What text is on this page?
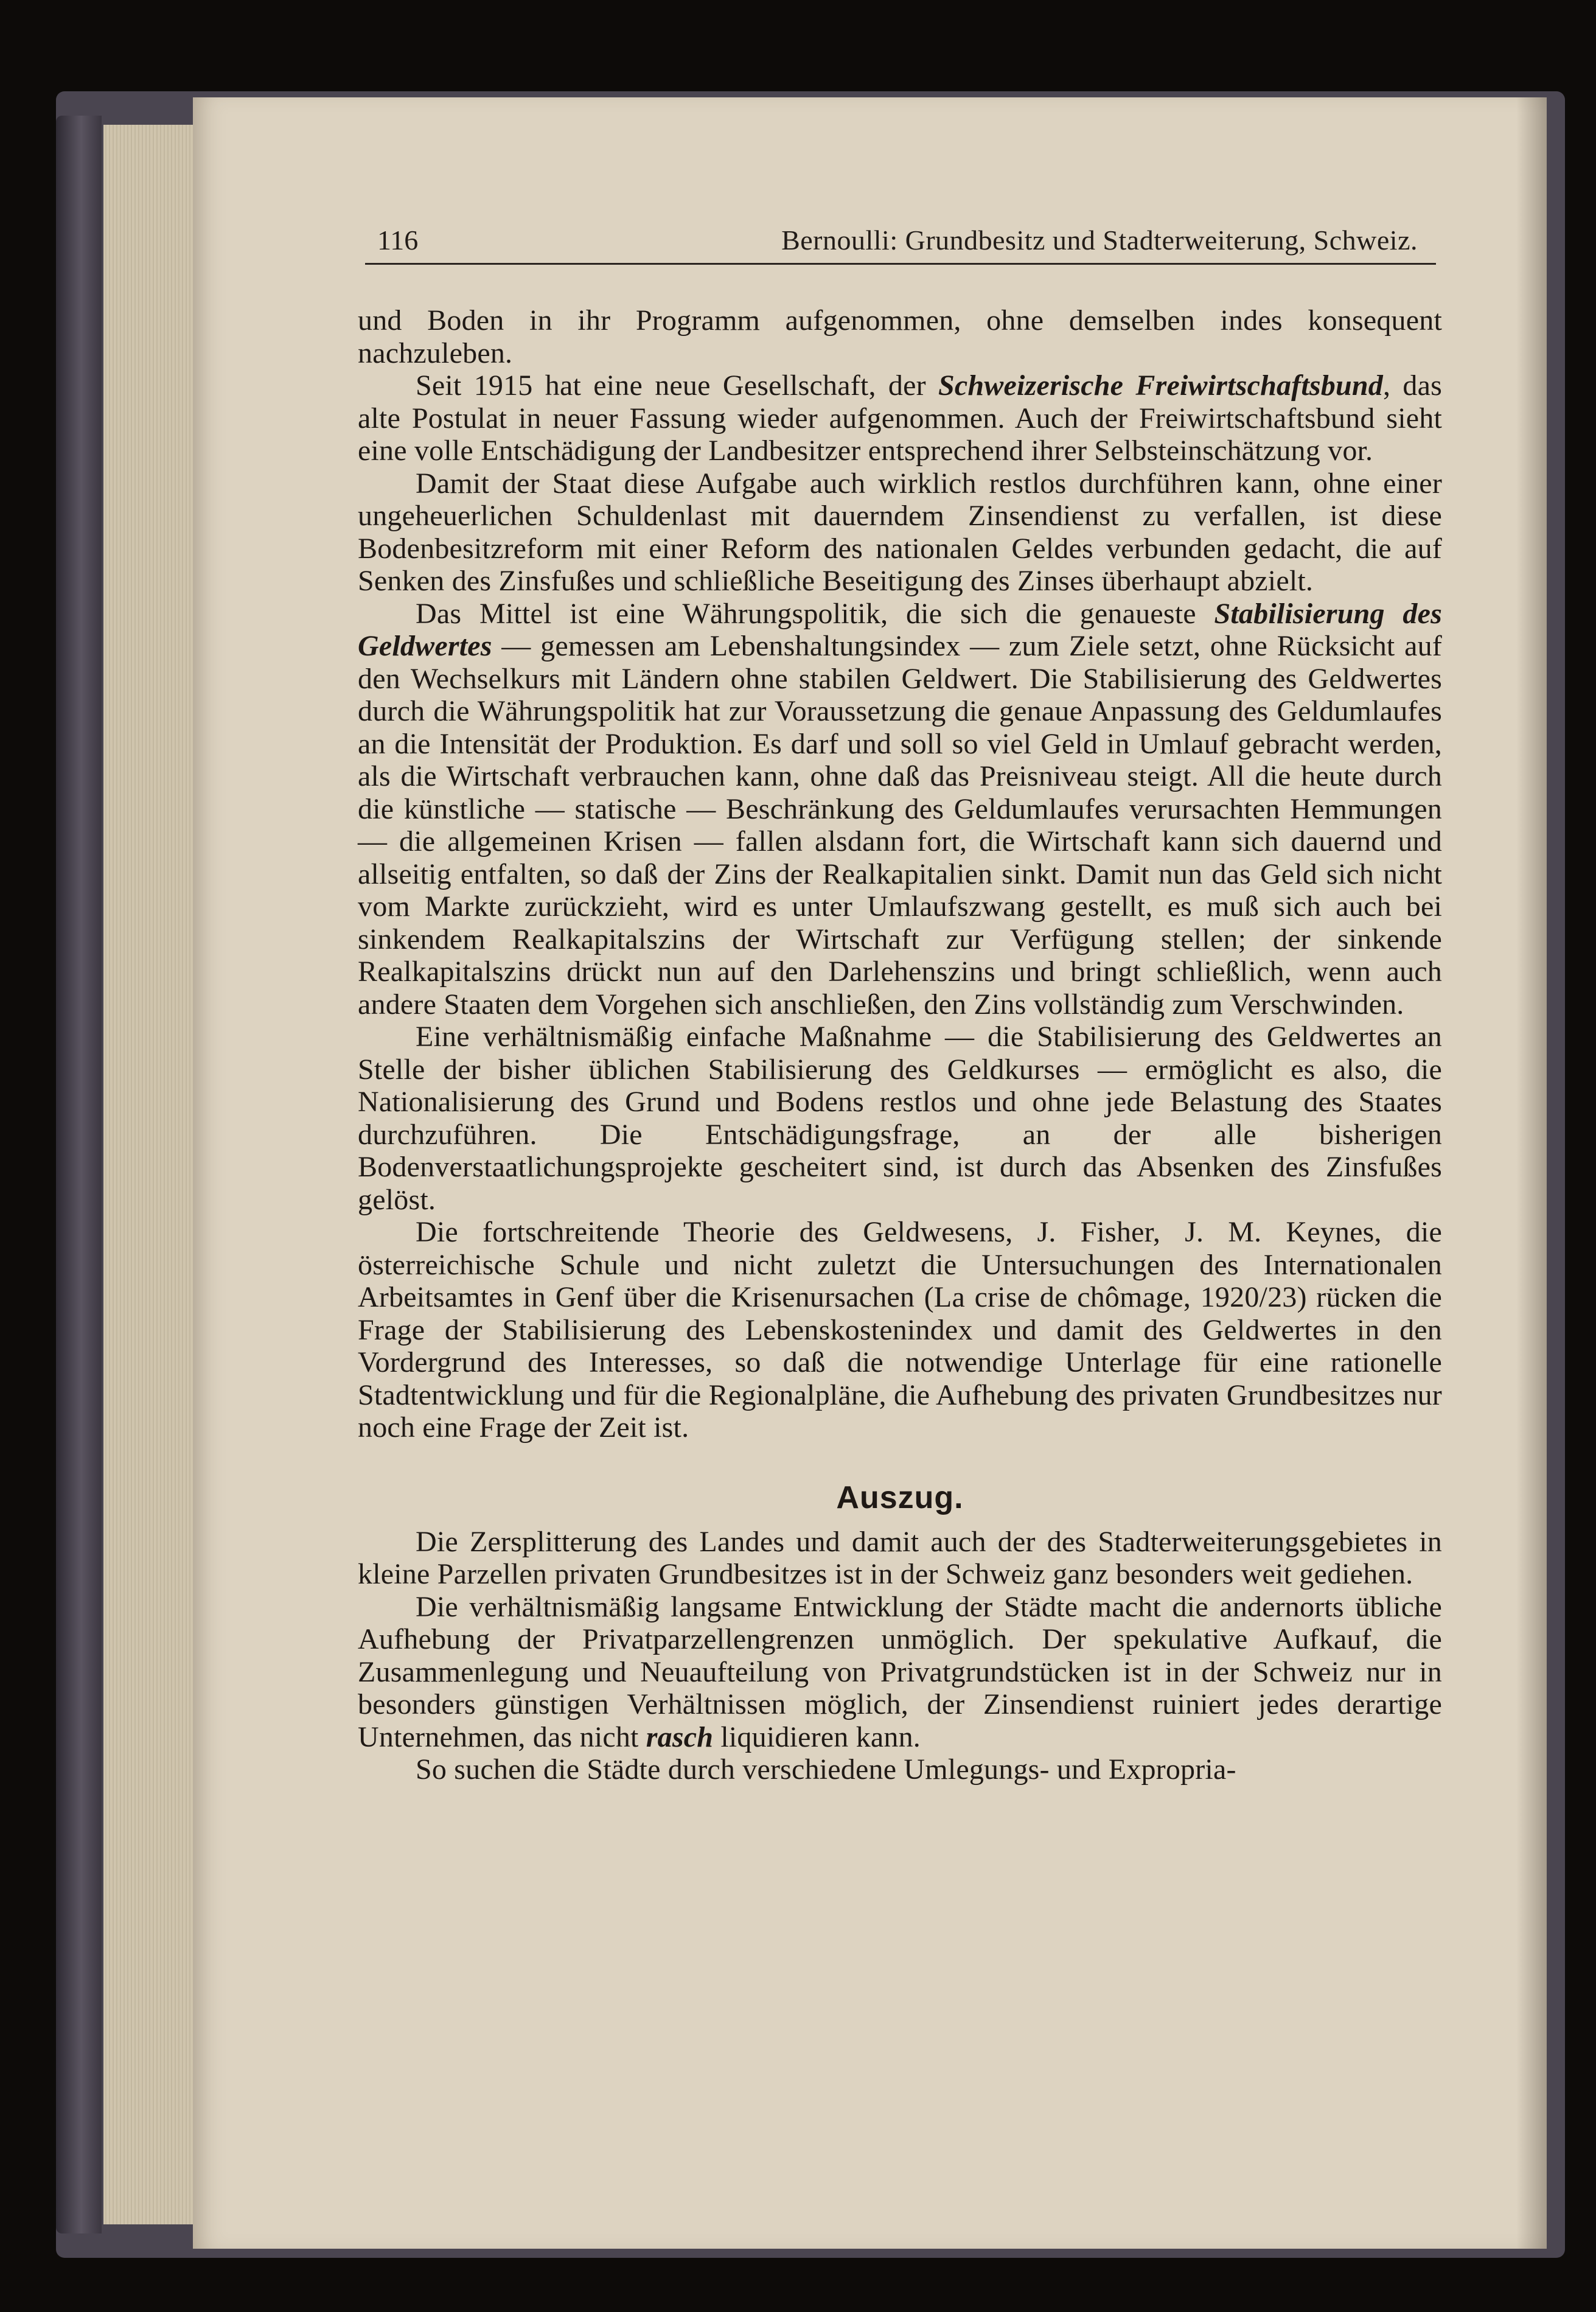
116	Bernoulli: Grundbesitz und Stadterweiterung, Schweiz.

und Boden in ihr Programm aufgenommen, ohne demselben indes konsequent nachzuleben.

Seit 1915 hat eine neue Gesellschaft, der Schweizerische Freiwirtschaftsbund, das alte Postulat in neuer Fassung wieder aufgenommen. Auch der Freiwirtschaftsbund sieht eine volle Entschädigung der Landbesitzer entsprechend ihrer Selbsteinschätzung vor.

Damit der Staat diese Aufgabe auch wirklich restlos durchführen kann, ohne einer ungeheuerlichen Schuldenlast mit dauerndem Zinsendienst zu verfallen, ist diese Bodenbesitzreform mit einer Reform des nationalen Geldes verbunden gedacht, die auf Senken des Zinsfußes und schließliche Beseitigung des Zinses überhaupt abzielt.

Das Mittel ist eine Währungspolitik, die sich die genaueste Stabilisierung des Geldwertes — gemessen am Lebenshaltungsindex — zum Ziele setzt, ohne Rücksicht auf den Wechselkurs mit Ländern ohne stabilen Geldwert. Die Stabilisierung des Geldwertes durch die Währungspolitik hat zur Voraussetzung die genaue Anpassung des Geldumlaufes an die Intensität der Produktion. Es darf und soll so viel Geld in Umlauf gebracht werden, als die Wirtschaft verbrauchen kann, ohne daß das Preisniveau steigt. All die heute durch die künstliche — statische — Beschränkung des Geldumlaufes verursachten Hemmungen — die allgemeinen Krisen — fallen alsdann fort, die Wirtschaft kann sich dauernd und allseitig entfalten, so daß der Zins der Realkapitalien sinkt. Damit nun das Geld sich nicht vom Markte zurückzieht, wird es unter Umlaufszwang gestellt, es muß sich auch bei sinkendem Realkapitalszins der Wirtschaft zur Verfügung stellen; der sinkende Realkapitalszins drückt nun auf den Darlehenszins und bringt schließlich, wenn auch andere Staaten dem Vorgehen sich anschließen, den Zins vollständig zum Verschwinden.

Eine verhältnismäßig einfache Maßnahme — die Stabilisierung des Geldwertes an Stelle der bisher üblichen Stabilisierung des Geldkurses — ermöglicht es also, die Nationalisierung des Grund und Bodens restlos und ohne jede Belastung des Staates durchzuführen. Die Entschädigungsfrage, an der alle bisherigen Bodenverstaatlichungsprojekte gescheitert sind, ist durch das Absenken des Zinsfußes gelöst.

Die fortschreitende Theorie des Geldwesens, J. Fisher, J. M. Keynes, die österreichische Schule und nicht zuletzt die Untersuchungen des Internationalen Arbeitsamtes in Genf über die Krisenursachen (La crise de chômage, 1920/23) rücken die Frage der Stabilisierung des Lebenskostenindex und damit des Geldwertes in den Vordergrund des Interesses, so daß die notwendige Unterlage für eine rationelle Stadtentwicklung und für die Regionalpläne, die Aufhebung des privaten Grundbesitzes nur noch eine Frage der Zeit ist.

Auszug.

Die Zersplitterung des Landes und damit auch der des Stadterweiterungsgebietes in kleine Parzellen privaten Grundbesitzes ist in der Schweiz ganz besonders weit gediehen.

Die verhältnismäßig langsame Entwicklung der Städte macht die andernorts übliche Aufhebung der Privatparzellengrenzen unmöglich. Der spekulative Aufkauf, die Zusammenlegung und Neuaufteilung von Privatgrundstücken ist in der Schweiz nur in besonders günstigen Verhältnissen möglich, der Zinsendienst ruiniert jedes derartige Unternehmen, das nicht rasch liquidieren kann.

So suchen die Städte durch verschiedene Umlegungs- und Expropria-
